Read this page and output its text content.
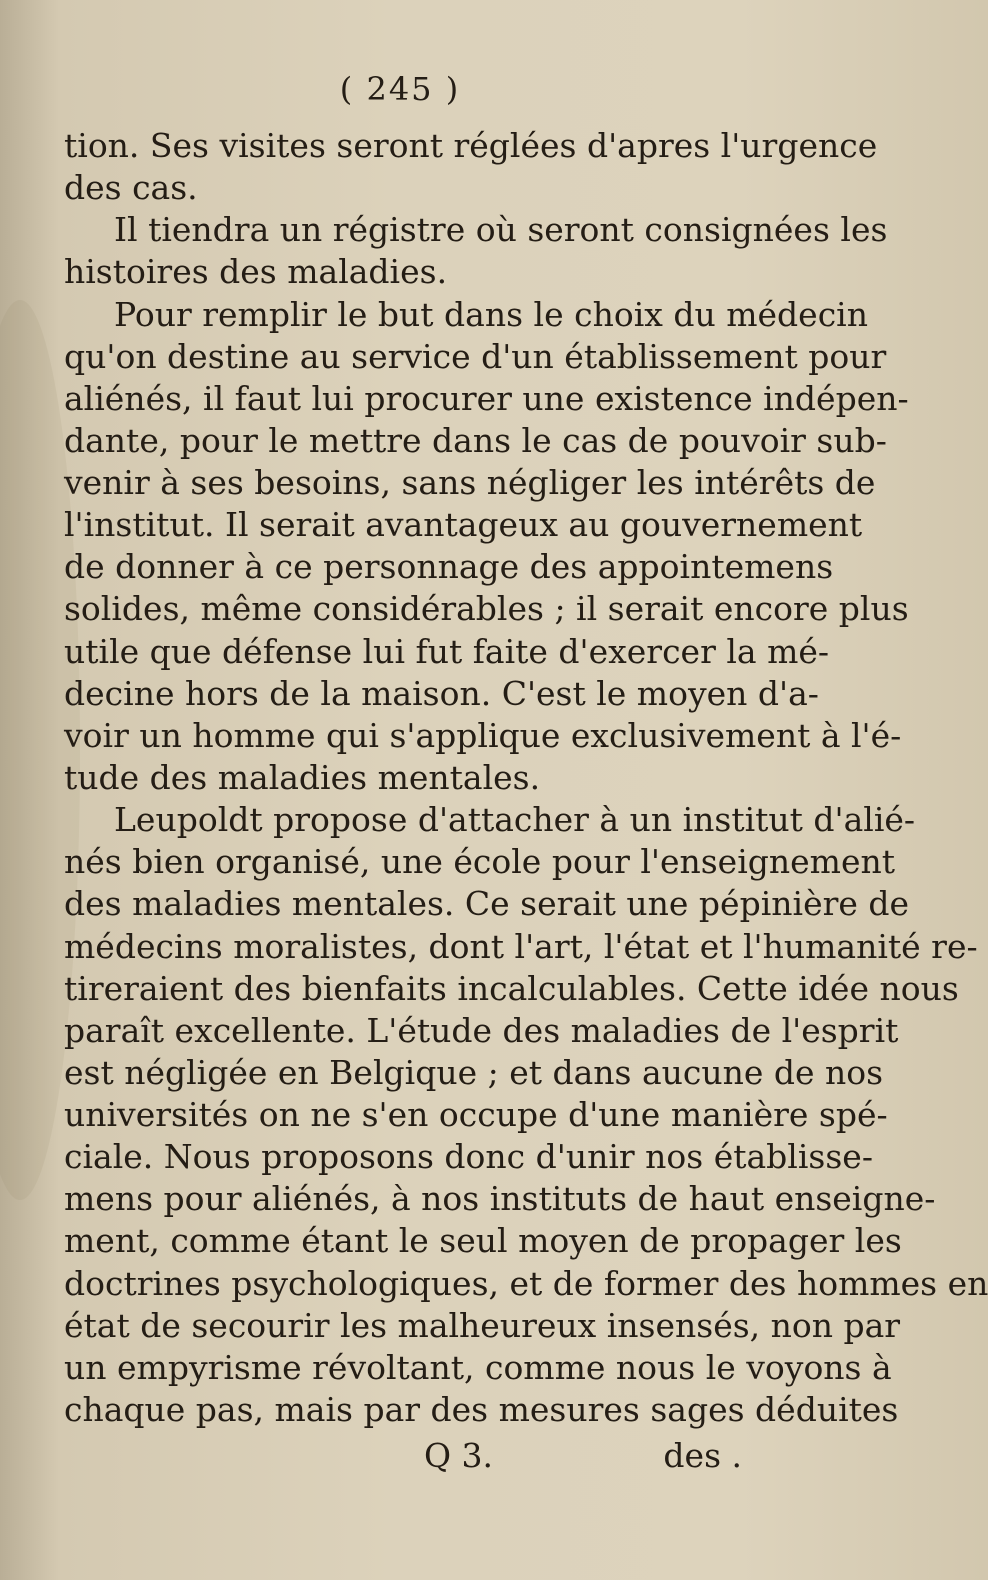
( 245 )
tion. Ses visites seront réglées d'apres l'urgence
des cas.
Il tiendra un régistre où seront consignées les
histoires des maladies.
Pour remplir le but dans le choix du médecin
qu'on destine au service d'un établissement pour
aliénés, il faut lui procurer une existence indépen-
dante, pour le mettre dans le cas de pouvoir sub-
venir à ses besoins, sans négliger les intérêts de
l'institut. Il serait avantageux au gouvernement
de donner à ce personnage des appointemens
solides, même considérables ; il serait encore plus
utile que défense lui fut faite d'exercer la mé-
decine hors de la maison. C'est le moyen d'a-
voir un homme qui s'applique exclusivement à l'é-
tude des maladies mentales.
Leupoldt propose d'attacher à un institut d'alié-
nés bien organisé, une école pour l'enseignement
des maladies mentales. Ce serait une pépinière de
médecins moralistes, dont l'art, l'état et l'humanité re-
tireraient des bienfaits incalculables. Cette idée nous
paraît excellente. L'étude des maladies de l'esprit
est négligée en Belgique ; et dans aucune de nos
universités on ne s'en occupe d'une manière spé-
ciale. Nous proposons donc d'unir nos établisse-
mens pour aliénés, à nos instituts de haut enseigne-
ment, comme étant le seul moyen de propager les
doctrines psychologiques, et de former des hommes en
état de secourir les malheureux insensés, non par
un empyrisme révoltant, comme nous le voyons à
chaque pas, mais par des mesures sages déduites
Q 3.	des .
